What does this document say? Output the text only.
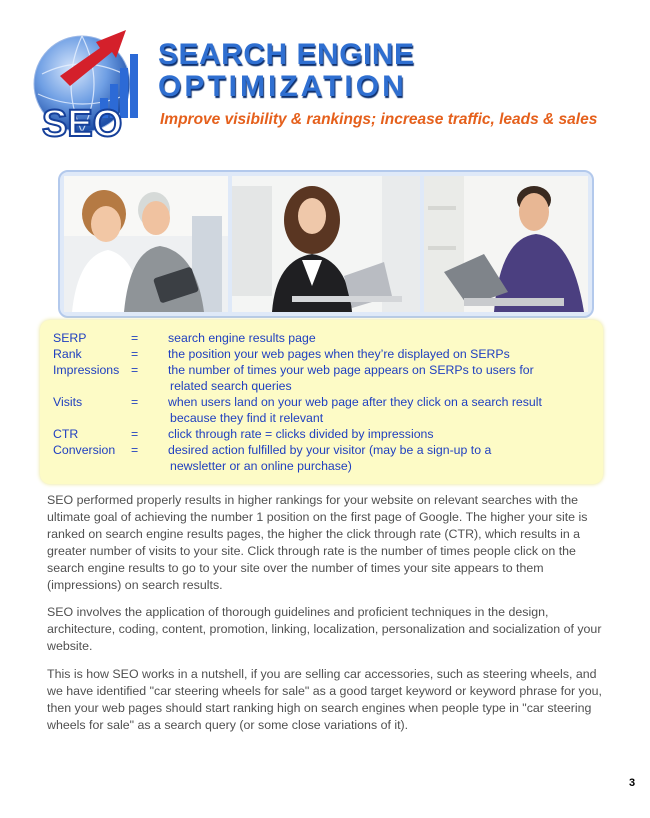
SEO
SEARCH ENGINE
OPTIMIZATION
Improve visibility & rankings; increase traffic, leads & sales
SERP	= search engine results page
Rank	= the position your web pages when they’re displayed on SERPs
Impressions = the number of times your web page appears on SERPs to users for
related search queries
Visits	= when users land on your web page after they click on a search result
because they find it relevant
CTR	= click through rate = clicks divided by impressions
Conversion	= desired action fulfilled by your visitor (may be a sign-up to a
newsletter or an online purchase)

SEO performed properly results in higher rankings for your website on relevant searches with the ultimate goal of achieving the number 1 position on the first page of Google. The higher your site is ranked on search engine results pages, the higher the click through rate (CTR), which results in a greater number of visits to your site. Click through rate is the number of times people click on the search engine results to go to your site over the number of times your site appears to them (impressions) on search results.

SEO involves the application of thorough guidelines and proficient techniques in the design, architecture, coding, content, promotion, linking, localization, personalization and socialization of your website.

This is how SEO works in a nutshell, if you are selling car accessories, such as steering wheels, and we have identified "car steering wheels for sale" as a good target keyword or keyword phrase for you, then your web pages should start ranking high on search engines when people type in "car steering wheels for sale" as a search query (or some close variations of it).

3
